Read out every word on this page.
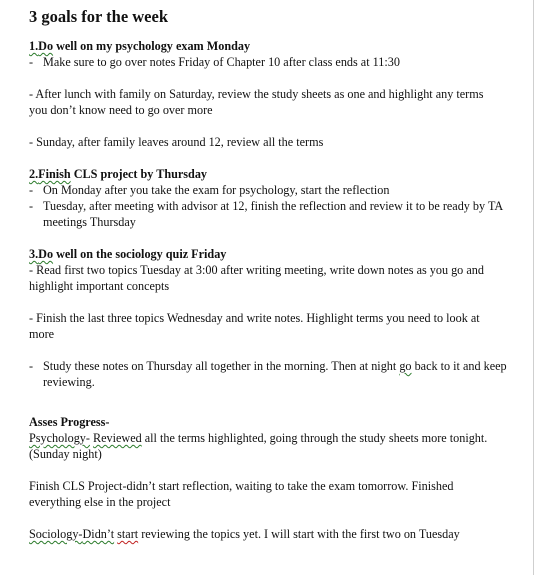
3 goals for the week

1.Do well on my psychology exam Monday

- Make sure to go over notes Friday of Chapter 10 after class ends at 11:30

- After lunch with family on Saturday, review the study sheets as one and highlight any terms you don’t know need to go over more

- Sunday, after family leaves around 12, review all the terms

2.Finish CLS project by Thursday

- On Monday after you take the exam for psychology, start the reflection

- Tuesday, after meeting with advisor at 12, finish the reflection and review it to be ready by TA meetings Thursday

3.Do well on the sociology quiz Friday

- Read first two topics Tuesday at 3:00 after writing meeting, write down notes as you go and highlight important concepts

- Finish the last three topics Wednesday and write notes. Highlight terms you need to look at more

- Study these notes on Thursday all together in the morning. Then at night go back to it and keep reviewing.

Asses Progress-

Psychology- Reviewed all the terms highlighted, going through the study sheets more tonight. (Sunday night)

Finish CLS Project-didn’t start reflection, waiting to take the exam tomorrow. Finished everything else in the project

Sociology-Didn’t start reviewing the topics yet. I will start with the first two on Tuesday
